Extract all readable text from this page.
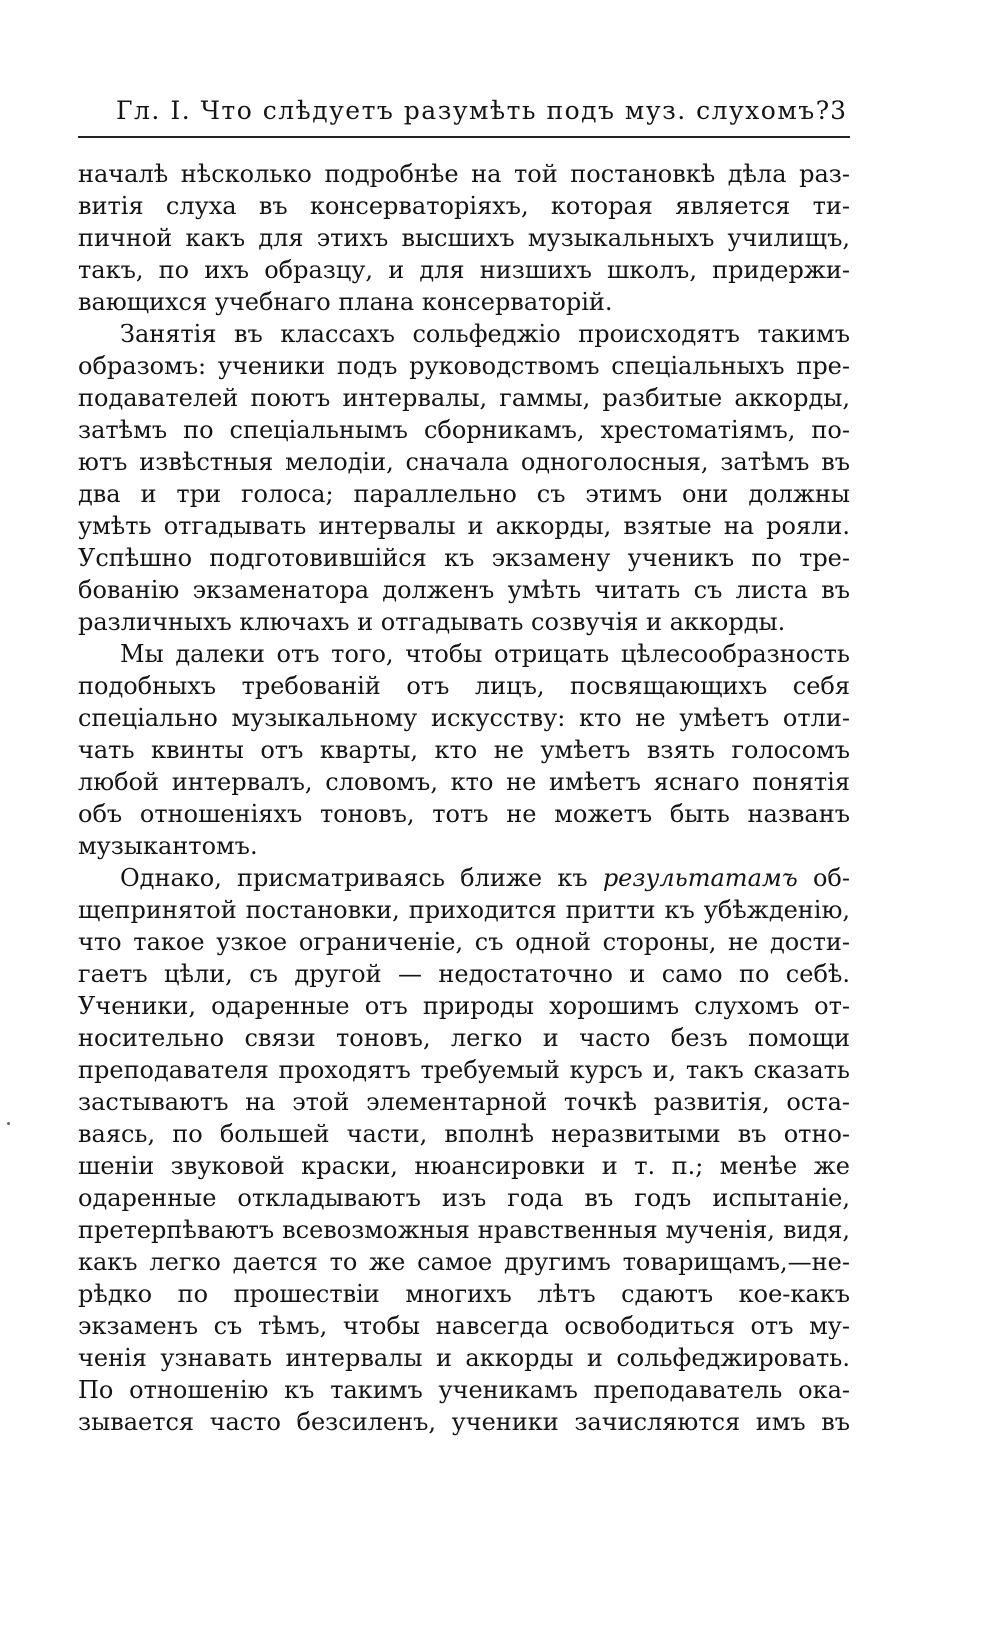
Гл. I. Что слѣдуетъ разумѣть подъ муз. слухомъ? 3
началѣ нѣсколько подробнѣе на той постановкѣ дѣла раз-
витія слуха въ консерваторіяхъ, которая является ти-
пичной какъ для этихъ высшихъ музыкальныхъ училищъ,
такъ, по ихъ образцу, и для низшихъ школъ, придержи-
вающихся учебнаго плана консерваторій.
Занятія въ классахъ сольфеджіо происходятъ такимъ
образомъ: ученики подъ руководствомъ спеціальныхъ пре-
подавателей поютъ интервалы, гаммы, разбитые аккорды,
затѣмъ по спеціальнымъ сборникамъ, хрестоматіямъ, по-
ютъ извѣстныя мелодіи, сначала одноголосныя, затѣмъ въ
два и три голоса; параллельно съ этимъ они должны
умѣть отгадывать интервалы и аккорды, взятые на рояли.
Успѣшно подготовившійся къ экзамену ученикъ по тре-
бованію экзаменатора долженъ умѣть читать съ листа въ
различныхъ ключахъ и отгадывать созвучія и аккорды.
Мы далеки отъ того, чтобы отрицать цѣлесообразность
подобныхъ требованій отъ лицъ, посвящающихъ себя
спеціально музыкальному искусству: кто не умѣетъ отли-
чать квинты отъ кварты, кто не умѣетъ взять голосомъ
любой интервалъ, словомъ, кто не имѣетъ яснаго понятія
объ отношеніяхъ тоновъ, тотъ не можетъ быть названъ
музыкантомъ.
Однако, присматриваясь ближе къ результатамъ об-
щепринятой постановки, приходится притти къ убѣжденію,
что такое узкое ограниченіе, съ одной стороны, не дости-
гаетъ цѣли, съ другой — недостаточно и само по себѣ.
Ученики, одаренные отъ природы хорошимъ слухомъ от-
носительно связи тоновъ, легко и часто безъ помощи
преподавателя проходятъ требуемый курсъ и, такъ сказать
застываютъ на этой элементарной точкѣ развитія, оста-
ваясь, по большей части, вполнѣ неразвитыми въ отно-
шеніи звуковой краски, нюансировки и т. п.; менѣе же
одаренные откладываютъ изъ года въ годъ испытаніе,
претерпѣваютъ всевозможныя нравственныя мученія, видя,
какъ легко дается то же самое другимъ товарищамъ,—не-
рѣдко по прошествіи многихъ лѣтъ сдаютъ кое-какъ
экзаменъ съ тѣмъ, чтобы навсегда освободиться отъ му-
ченія узнавать интервалы и аккорды и сольфеджировать.
По отношенію къ такимъ ученикамъ преподаватель ока-
зывается часто безсиленъ, ученики зачисляются имъ въ
